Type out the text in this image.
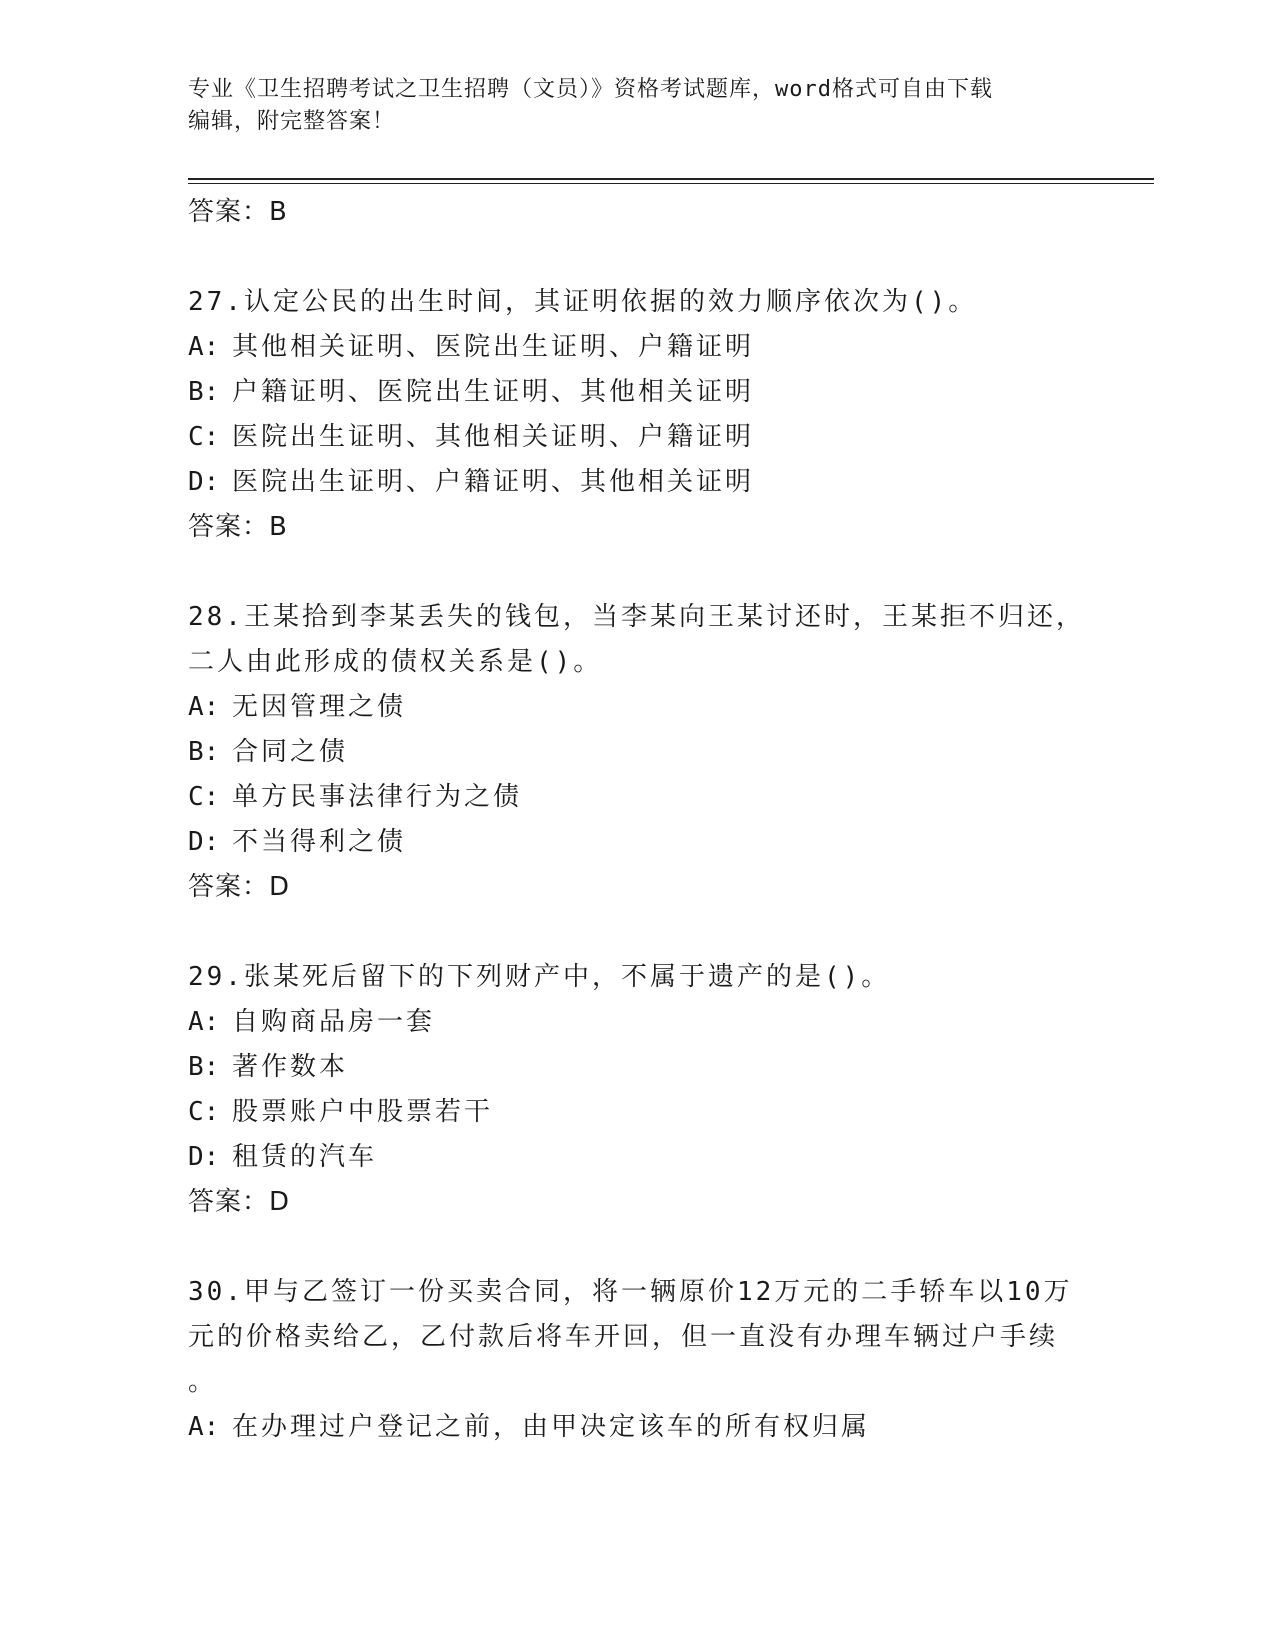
专业《卫生招聘考试之卫生招聘（文员）》资格考试题库，word格式可自由下载
编辑，附完整答案！
答案：B
27.认定公民的出生时间，其证明依据的效力顺序依次为()。
A: 其他相关证明、医院出生证明、户籍证明
B: 户籍证明、医院出生证明、其他相关证明
C: 医院出生证明、其他相关证明、户籍证明
D: 医院出生证明、户籍证明、其他相关证明
答案：B
28.王某拾到李某丢失的钱包，当李某向王某讨还时，王某拒不归还，
二人由此形成的债权关系是()。
A: 无因管理之债
B: 合同之债
C: 单方民事法律行为之债
D: 不当得利之债
答案：D
29.张某死后留下的下列财产中，不属于遗产的是()。
A: 自购商品房一套
B: 著作数本
C: 股票账户中股票若干
D: 租赁的汽车
答案：D
30.甲与乙签订一份买卖合同，将一辆原价12万元的二手轿车以10万
元的价格卖给乙，乙付款后将车开回，但一直没有办理车辆过户手续
。
A: 在办理过户登记之前，由甲决定该车的所有权归属
